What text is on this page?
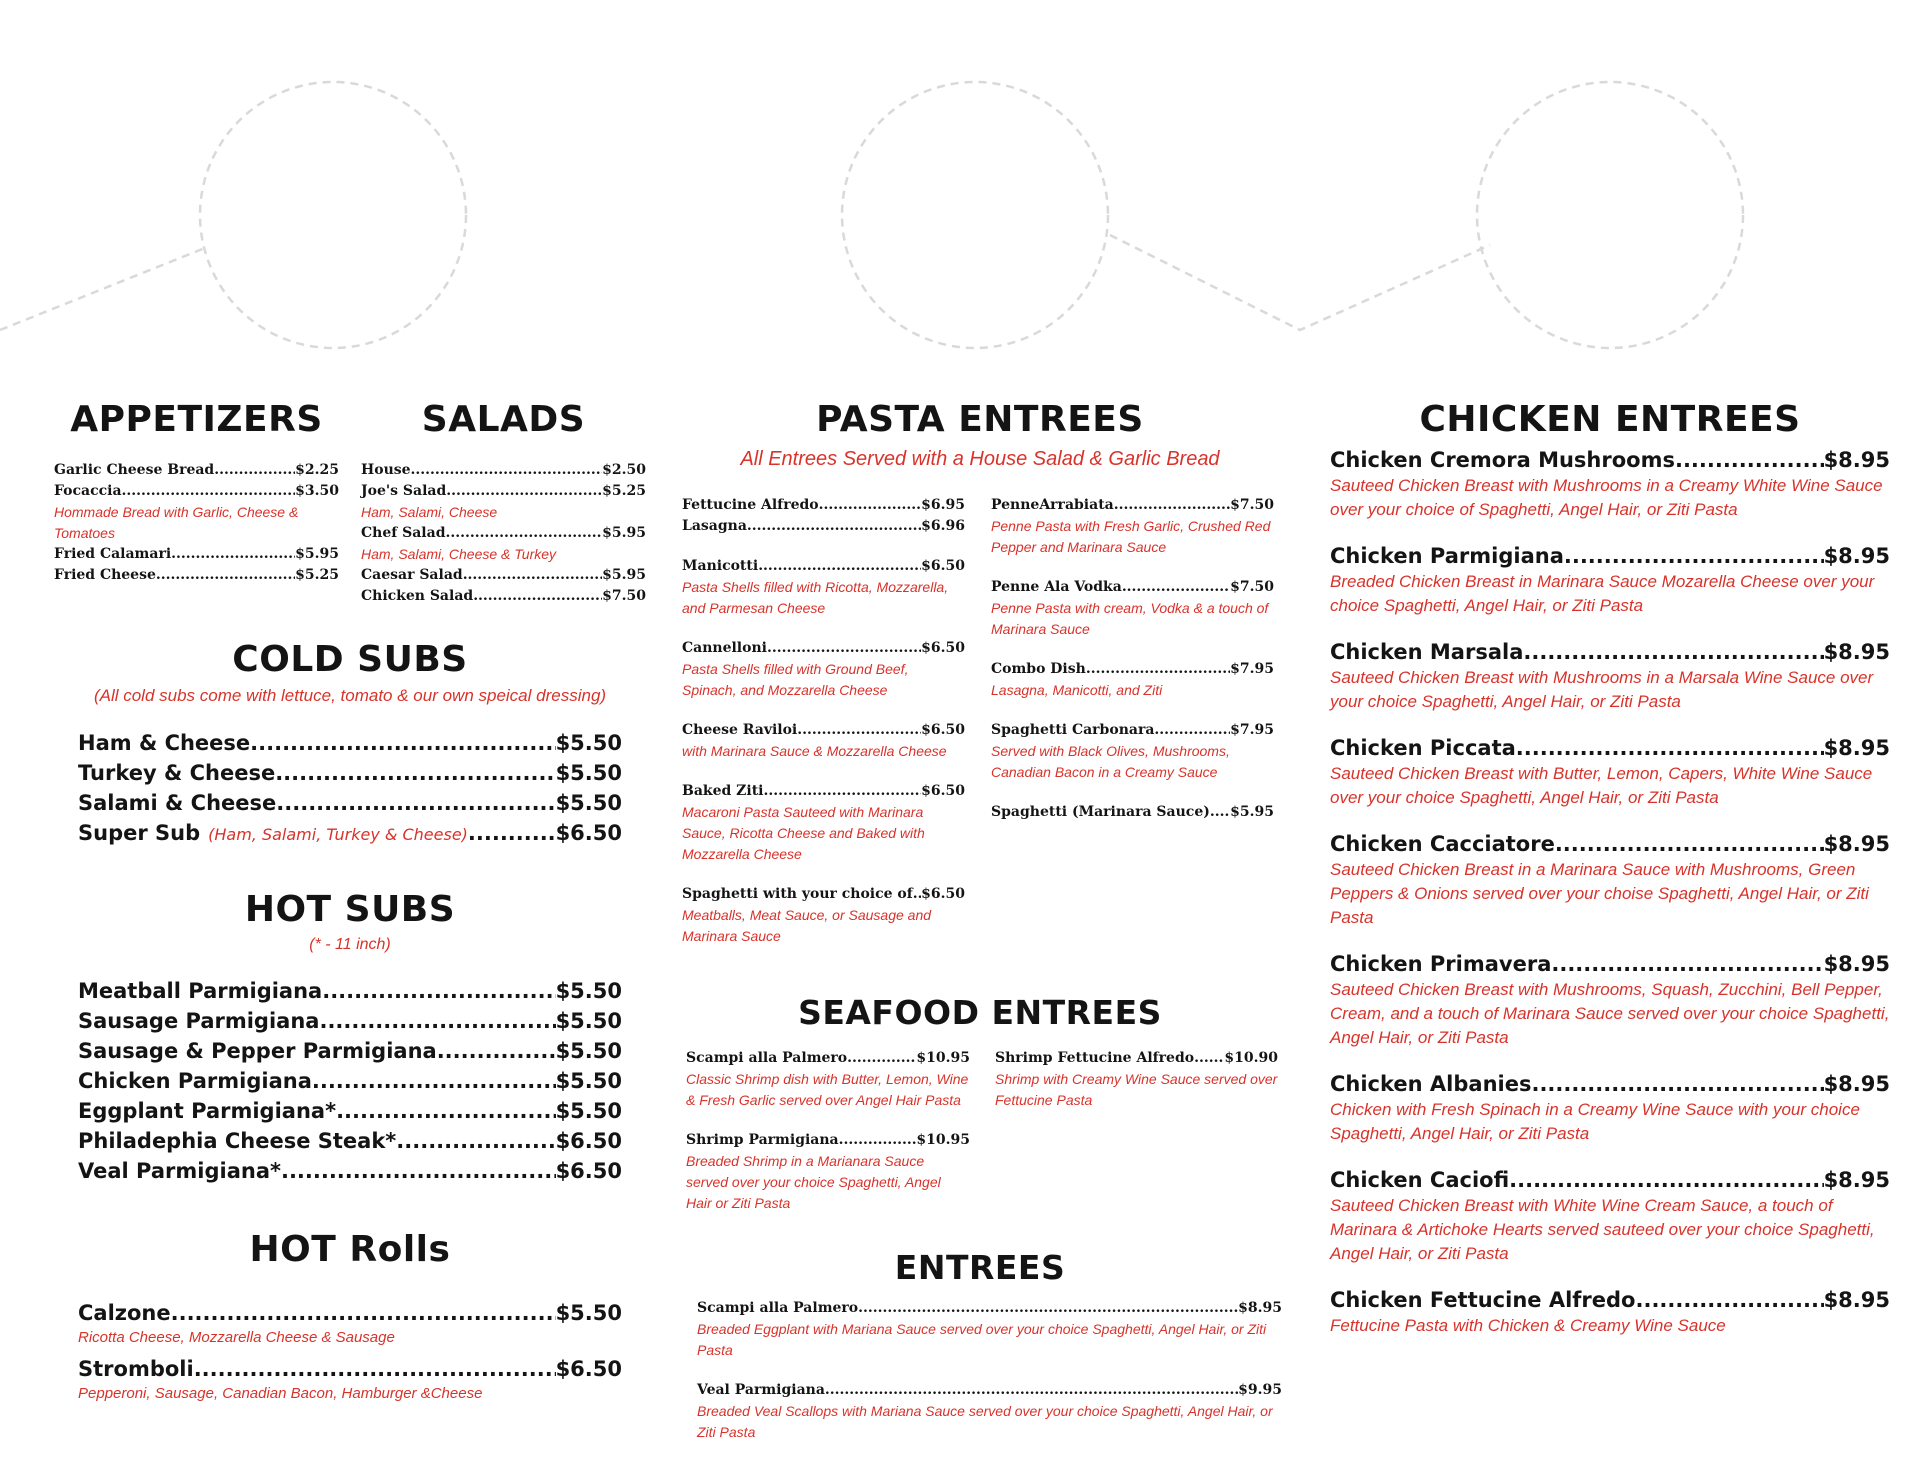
APPETIZERS
Garlic Cheese Bread .....	$2.25
Focaccia .....	$3.50
Hommade Bread with Garlic, Cheese & Tomatoes
Fried Calamari .....	$5.95
Fried Cheese .....	$5.25
SALADS
House .....	$2.50
Joe's Salad .....	$5.25
Ham, Salami, Cheese
Chef Salad .....	$5.95
Ham, Salami, Cheese & Turkey
Caesar Salad .....	$5.95
Chicken Salad .....	$7.50
COLD SUBS
(All cold subs come with lettuce, tomato & our own speical dressing)
Ham & Cheese .....	$5.50
Turkey & Cheese .....	$5.50
Salami & Cheese .....	$5.50
Super Sub (Ham, Salami, Turkey & Cheese) .....	$6.50
HOT SUBS
(* - 11 inch)
Meatball Parmigiana .....	$5.50
Sausage Parmigiana .....	$5.50
Sausage & Pepper Parmigiana .....	$5.50
Chicken Parmigiana .....	$5.50
Eggplant Parmigiana* .....	$5.50
Philadephia Cheese Steak* .....	$6.50
Veal Parmigiana* .....	$6.50
HOT Rolls
Calzone .....	$5.50
Ricotta Cheese, Mozzarella Cheese & Sausage
Stromboli .....	$6.50
Pepperoni, Sausage, Canadian Bacon, Hamburger &Cheese
PASTA ENTREES
All Entrees Served with a House Salad & Garlic Bread
Fettucine Alfredo .....	$6.95
Lasagna .....	$6.96
Manicotti .....	$6.50
Pasta Shells filled with Ricotta, Mozzarella, and Parmesan Cheese
Cannelloni .....	$6.50
Pasta Shells filled with Ground Beef, Spinach, and Mozzarella Cheese
Cheese Raviloi .....	$6.50
with Marinara Sauce & Mozzarella Cheese
Baked Ziti .....	$6.50
Macaroni Pasta Sauteed with Marinara Sauce, Ricotta Cheese and Baked with Mozzarella Cheese
Spaghetti with your choice of ..... $6.50
Meatballs, Meat Sauce, or Sausage and Marinara Sauce
PenneArrabiata .....	$7.50
Penne Pasta with Fresh Garlic, Crushed Red Pepper and Marinara Sauce
Penne Ala Vodka .....	$7.50
Penne Pasta with cream, Vodka & a touch of Marinara Sauce
Combo Dish .....	$7.95
Lasagna, Manicotti, and Ziti
Spaghetti Carbonara .....	$7.95
Served with Black Olives, Mushrooms, Canadian Bacon in a Creamy Sauce
Spaghetti (Marinara Sauce) ..... $5.95
SEAFOOD ENTREES
Scampi alla Palmero .....	$10.95
Classic Shrimp dish with Butter, Lemon, Wine & Fresh Garlic served over Angel Hair Pasta
Shrimp Parmigiana .....	$10.95
Breaded Shrimp in a Marianara Sauce served over your choice Spaghetti, Angel Hair or Ziti Pasta
Shrimp Fettucine Alfredo ..... $10.90
Shrimp with Creamy Wine Sauce served over Fettucine Pasta
ENTREES
Scampi alla Palmero .....	$8.95
Breaded Eggplant with Mariana Sauce served over your choice Spaghetti, Angel Hair, or Ziti Pasta
Veal Parmigiana .....	$9.95
Breaded Veal Scallops with Mariana Sauce served over your choice Spaghetti, Angel Hair, or Ziti Pasta
CHICKEN ENTREES
Chicken Cremora Mushrooms .....	$8.95
Sauteed Chicken Breast with Mushrooms in a Creamy White Wine Sauce over your choice of Spaghetti, Angel Hair, or Ziti Pasta
Chicken Parmigiana .....	$8.95
Breaded Chicken Breast in Marinara Sauce Mozarella Cheese over your choice Spaghetti, Angel Hair, or Ziti Pasta
Chicken Marsala .....	$8.95
Sauteed Chicken Breast with Mushrooms in a Marsala Wine Sauce over your choice Spaghetti, Angel Hair, or Ziti Pasta
Chicken Piccata .....	$8.95
Sauteed Chicken Breast with Butter, Lemon, Capers, White Wine Sauce over your choice Spaghetti, Angel Hair, or Ziti Pasta
Chicken Cacciatore .....	$8.95
Sauteed Chicken Breast in a Marinara Sauce with Mushrooms, Green Peppers & Onions served over your choise Spaghetti, Angel Hair, or Ziti Pasta
Chicken Primavera .....	$8.95
Sauteed Chicken Breast with Mushrooms, Squash, Zucchini, Bell Pepper, Cream, and a touch of Marinara Sauce served over your choice Spaghetti, Angel Hair, or Ziti Pasta
Chicken Albanies .....	$8.95
Chicken with Fresh Spinach in a Creamy Wine Sauce with your choice Spaghetti, Angel Hair, or Ziti Pasta
Chicken Caciofi .....	$8.95
Sauteed Chicken Breast with White Wine Cream Sauce, a touch of Marinara & Artichoke Hearts served sauteed over your choice Spaghetti, Angel Hair, or Ziti Pasta
Chicken Fettucine Alfredo .....	$8.95
Fettucine Pasta with Chicken & Creamy Wine Sauce
